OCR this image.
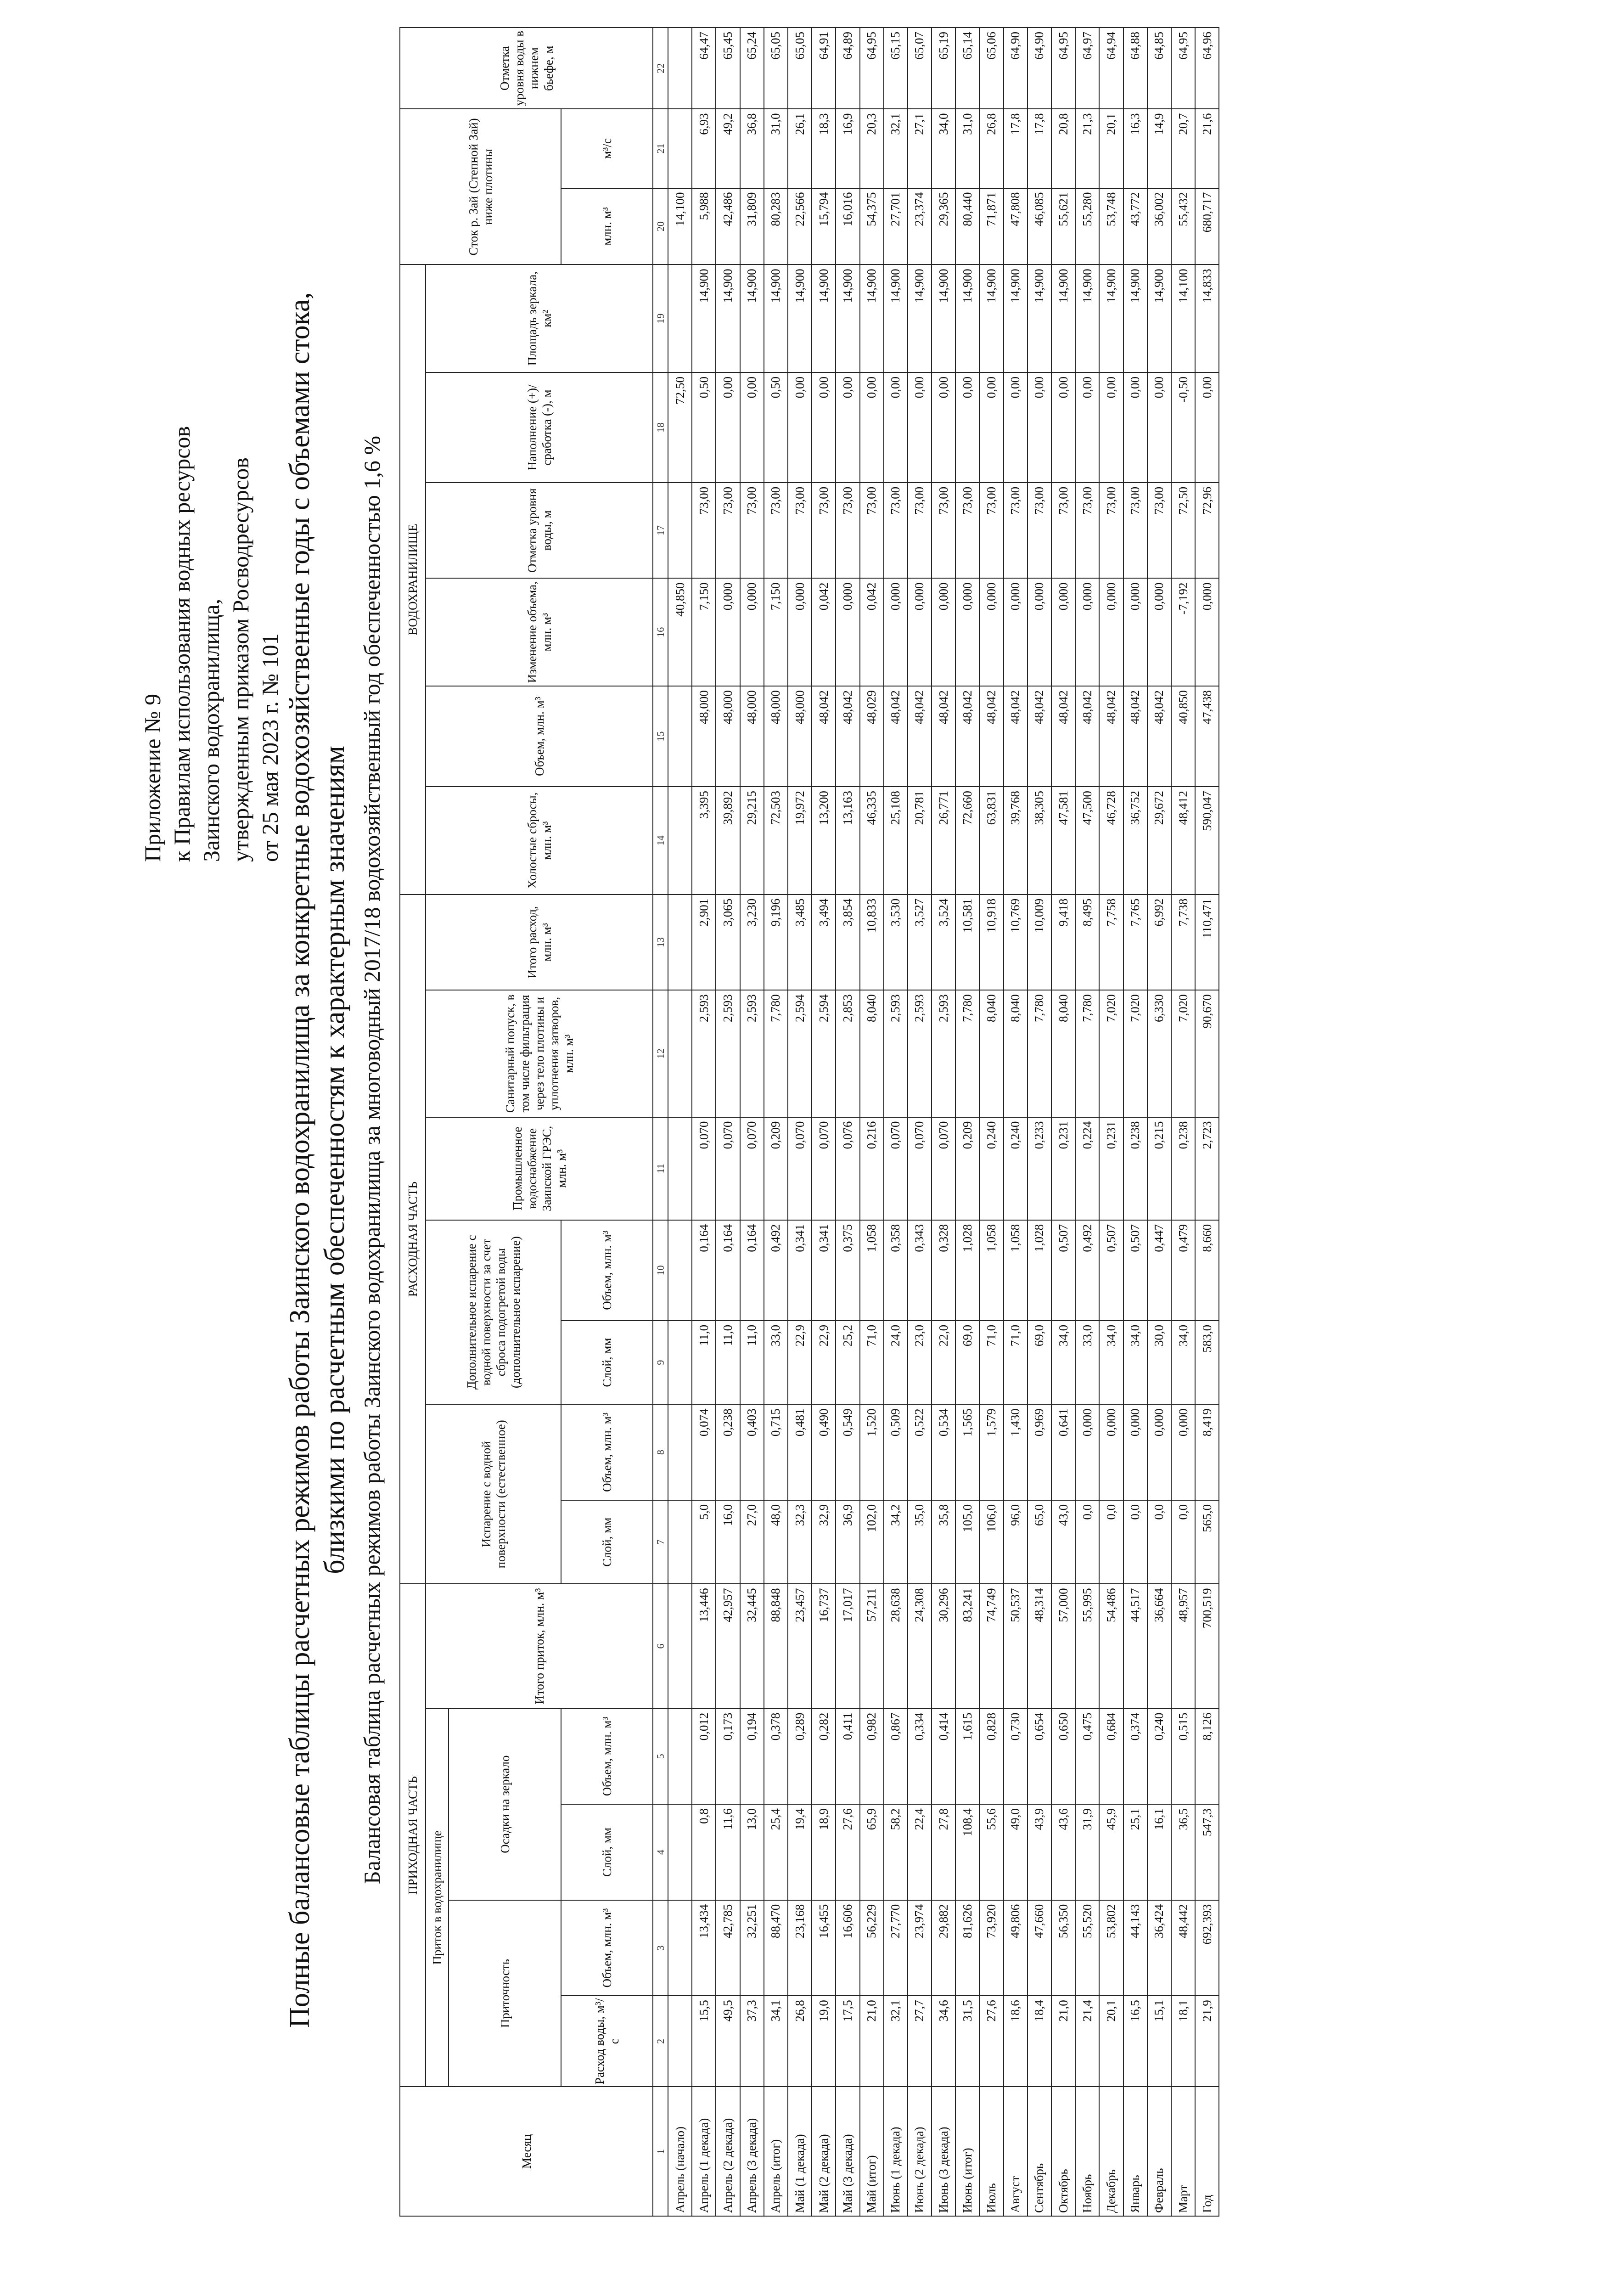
Приложение № 9 к Правилам использования водных ресурсов Заинского водохранилища, утвержденным приказом Росводресурсов от 25 мая 2023 г. № 101 Полные балансовые таблицы расчетных режимов работы Заинского водохранилища за конкретные водохозяйственные годы с объемами стока, близкими по расчетным обеспеченностям к характерным значениям Балансовая таблица расчетных режимов работы Заинского водохранилища за многоводный 2017/18 водохозяйственный год обеспеченностью 1,6 %
Месяц	ПРИХОДНАЯ ЧАСТЬ					РАСХОДНАЯ ЧАСТЬ							ВОДОХРАНИЛИЩЕ						Сток р. Зай (Степной Зай) ниже плотины		Отметка уровня воды в нижнем бьефе, м
	Приток в водохранилище				Итого приток, млн. м³	Испарение с водной поверхности (естественное)		Дополнительное испарение с водной поверхности за счет сброса подогретой воды (дополнительное испарение)		Промышленное водоснабжение Заинской ГРЭС, млн. м³	Санитарный попуск, в том числе фильтрация через тело плотины и уплотнения затворов, млн. м³	Итого расход, млн. м³	Холостые сбросы, млн. м³	Объем, млн. м³	Изменение объема, млн. м³	Отметка уровня воды, м	Наполнение (+)/сработка (-), м	Площадь зеркала, км²			
	Приточность		Осадки на зеркало																		
	Расход воды, м³/с	Объем, млн. м³	Слой, мм	Объем, млн. м³		Слой, мм	Объем, млн. м³	Слой, мм	Объем, млн. м³										млн. м³	м³/с	
1	2	3	4	5	6	7	8	9	10	11	12	13	14	15	16	17	18	19	20	21	22
Апрель (начало)															40,850		72,50		14,100		
Апрель (1 декада)	15,5	13,434	0,8	0,012	13,446	5,0	0,074	11,0	0,164	0,070	2,593	2,901	3,395	48,000	7,150	73,00	0,50	14,900	5,988	6,93	64,47
Апрель (2 декада)	49,5	42,785	11,6	0,173	42,957	16,0	0,238	11,0	0,164	0,070	2,593	3,065	39,892	48,000	0,000	73,00	0,00	14,900	42,486	49,2	65,45
Апрель (3 декада)	37,3	32,251	13,0	0,194	32,445	27,0	0,403	11,0	0,164	0,070	2,593	3,230	29,215	48,000	0,000	73,00	0,00	14,900	31,809	36,8	65,24
Апрель (итог)	34,1	88,470	25,4	0,378	88,848	48,0	0,715	33,0	0,492	0,209	7,780	9,196	72,503	48,000	7,150	73,00	0,50	14,900	80,283	31,0	65,05
Май (1 декада)	26,8	23,168	19,4	0,289	23,457	32,3	0,481	22,9	0,341	0,070	2,594	3,485	19,972	48,000	0,000	73,00	0,00	14,900	22,566	26,1	65,05
Май (2 декада)	19,0	16,455	18,9	0,282	16,737	32,9	0,490	22,9	0,341	0,070	2,594	3,494	13,200	48,042	0,042	73,00	0,00	14,900	15,794	18,3	64,91
Май (3 декада)	17,5	16,606	27,6	0,411	17,017	36,9	0,549	25,2	0,375	0,076	2,853	3,854	13,163	48,042	0,000	73,00	0,00	14,900	16,016	16,9	64,89
Май (итог)	21,0	56,229	65,9	0,982	57,211	102,0	1,520	71,0	1,058	0,216	8,040	10,833	46,335	48,029	0,042	73,00	0,00	14,900	54,375	20,3	64,95
Июнь (1 декада)	32,1	27,770	58,2	0,867	28,638	34,2	0,509	24,0	0,358	0,070	2,593	3,530	25,108	48,042	0,000	73,00	0,00	14,900	27,701	32,1	65,15
Июнь (2 декада)	27,7	23,974	22,4	0,334	24,308	35,0	0,522	23,0	0,343	0,070	2,593	3,527	20,781	48,042	0,000	73,00	0,00	14,900	23,374	27,1	65,07
Июнь (3 декада)	34,6	29,882	27,8	0,414	30,296	35,8	0,534	22,0	0,328	0,070	2,593	3,524	26,771	48,042	0,000	73,00	0,00	14,900	29,365	34,0	65,19
Июнь (итог)	31,5	81,626	108,4	1,615	83,241	105,0	1,565	69,0	1,028	0,209	7,780	10,581	72,660	48,042	0,000	73,00	0,00	14,900	80,440	31,0	65,14
Июль	27,6	73,920	55,6	0,828	74,749	106,0	1,579	71,0	1,058	0,240	8,040	10,918	63,831	48,042	0,000	73,00	0,00	14,900	71,871	26,8	65,06
Август	18,6	49,806	49,0	0,730	50,537	96,0	1,430	71,0	1,058	0,240	8,040	10,769	39,768	48,042	0,000	73,00	0,00	14,900	47,808	17,8	64,90
Сентябрь	18,4	47,660	43,9	0,654	48,314	65,0	0,969	69,0	1,028	0,233	7,780	10,009	38,305	48,042	0,000	73,00	0,00	14,900	46,085	17,8	64,90
Октябрь	21,0	56,350	43,6	0,650	57,000	43,0	0,641	34,0	0,507	0,231	8,040	9,418	47,581	48,042	0,000	73,00	0,00	14,900	55,621	20,8	64,95
Ноябрь	21,4	55,520	31,9	0,475	55,995	0,0	0,000	33,0	0,492	0,224	7,780	8,495	47,500	48,042	0,000	73,00	0,00	14,900	55,280	21,3	64,97
Декабрь	20,1	53,802	45,9	0,684	54,486	0,0	0,000	34,0	0,507	0,231	7,020	7,758	46,728	48,042	0,000	73,00	0,00	14,900	53,748	20,1	64,94
Январь	16,5	44,143	25,1	0,374	44,517	0,0	0,000	34,0	0,507	0,238	7,020	7,765	36,752	48,042	0,000	73,00	0,00	14,900	43,772	16,3	64,88
Февраль	15,1	36,424	16,1	0,240	36,664	0,0	0,000	30,0	0,447	0,215	6,330	6,992	29,672	48,042	0,000	73,00	0,00	14,900	36,002	14,9	64,85
Март	18,1	48,442	36,5	0,515	48,957	0,0	0,000	34,0	0,479	0,238	7,020	7,738	48,412	40,850	-7,192	72,50	-0,50	14,100	55,432	20,7	64,95
Год	21,9	692,393	547,3	8,126	700,519	565,0	8,419	583,0	8,660	2,723	90,670	110,471	590,047	47,438	0,000	72,96	0,00	14,833	680,717	21,6	64,96
